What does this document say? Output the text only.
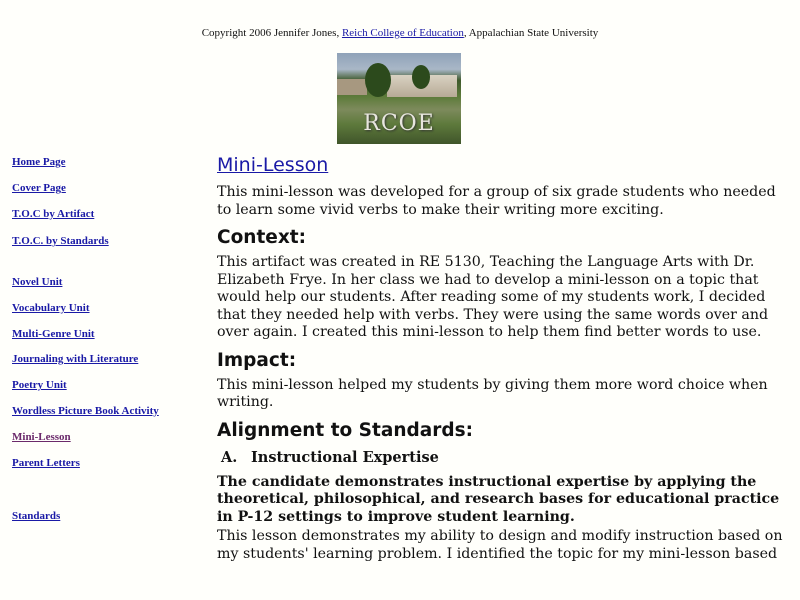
Copyright 2006 Jennifer Jones, Reich College of Education, Appalachian State University
RCOE
Home Page
Cover Page
T.O.C by Artifact
T.O.C. by Standards
Novel Unit
Vocabulary Unit
Multi-Genre Unit
Journaling with Literature
Poetry Unit
Wordless Picture Book Activity
Mini-Lesson
Parent Letters
Standards
Mini-Lesson

This mini-lesson was developed for a group of six grade students who needed to learn some vivid verbs to make their writing more exciting.

Context:

This artifact was created in RE 5130, Teaching the Language Arts with Dr. Elizabeth Frye. In her class we had to develop a mini-lesson on a topic that would help our students. After reading some of my students work, I decided that they needed help with verbs. They were using the same words over and over again. I created this mini-lesson to help them find better words to use.

Impact:

This mini-lesson helped my students by giving them more word choice when writing.

Alignment to Standards:
A. Instructional Expertise

The candidate demonstrates instructional expertise by applying the theoretical, philosophical, and research bases for educational practice in P-12 settings to improve student learning.

This lesson demonstrates my ability to design and modify instruction based on my students' learning problem. I identified the topic for my mini-lesson based
